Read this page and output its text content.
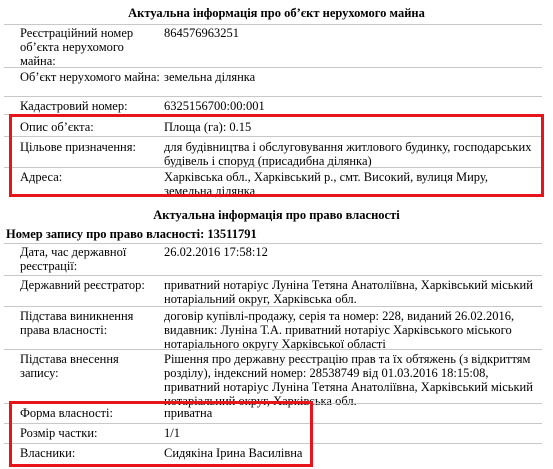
Актуальна інформація про об’єкт нерухомого майна
Реєстраційний номер об’єкта нерухомого майна:
864576963251
Об’єкт нерухомого майна: земельна ділянка
Кадастровий номер:	6325156700:00:001
Опис об’єкта:	Площа (га): 0.15
Цільове призначення:	для будівництва і обслуговування житлового будинку, господарських будівель і споруд (присадибна ділянка)
Адреса:	Харківська обл., Харківський р., смт. Високий, вулиця Миру, земельна ділянка
Актуальна інформація про право власності
Номер запису про право власності: 13511791
Дата, час державної реєстрації:
26.02.2016 17:58:12
Державний реєстратор:	приватний нотаріус Луніна Тетяна Анатоліївна, Харківський міський нотаріальний округ, Харківська обл.
Підстава виникнення права власності:
договір купівлі-продажу, серія та номер: 228, виданий 26.02.2016, видавник: Луніна Т.А. приватний нотаріус Харківського міського нотаріального округу Харківської області
Підстава внесення запису:
Рішення про державну реєстрацію прав та їх обтяжень (з відкриттям розділу), індексний номер: 28538749 від 01.03.2016 18:15:08, приватний нотаріус Луніна Тетяна Анатоліївна, Харківський міський нотаріальний округ, Харківська обл.
Форма власності:	приватна
Розмір частки:	1/1
Власники:	Сидякіна Ірина Василівна
